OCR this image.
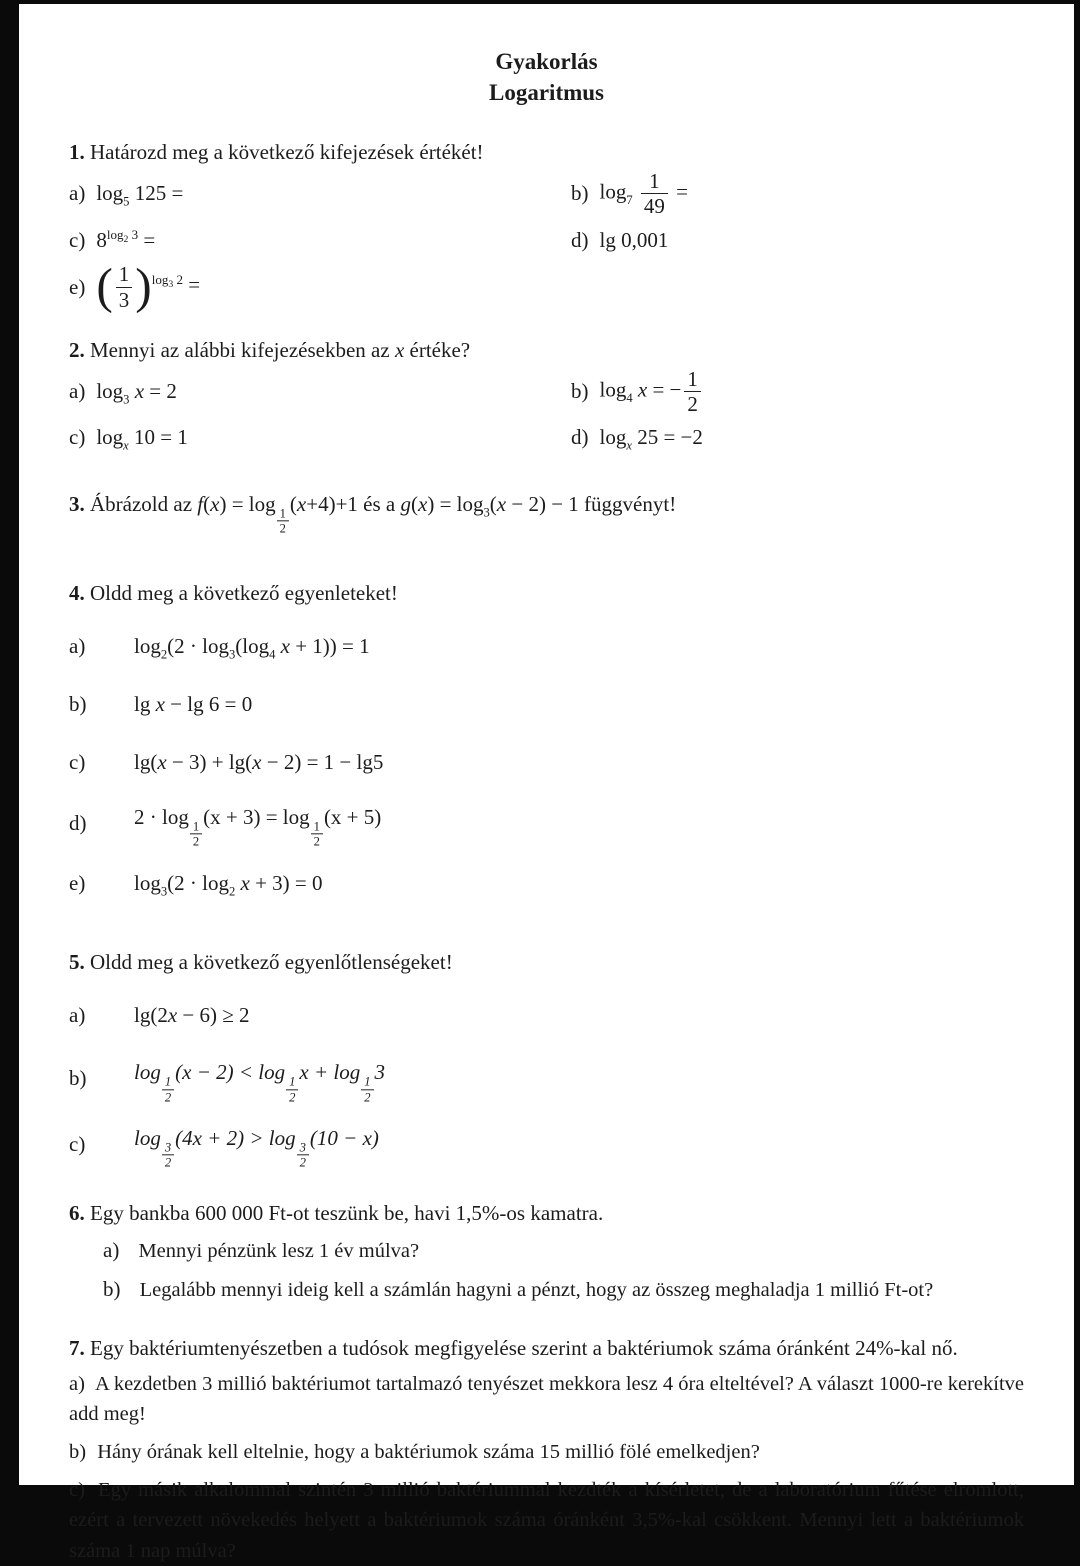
Gyakorlás
Logaritmus
1. Határozd meg a következő kifejezések értékét!
a) $\log_5 125$ =	b) $\log_7 \frac{1}{49}$ =
c) $8^{log_2 3}$ =	d) lg 0,001
e) ( $\frac{1}{3} )^{log_3 2}$ =
2. Mennyi az alábbi kifejezésekben az x értéke?
a) $\log_3 x = 2$	b) $\log_4 x$ = − $\frac{1}{2}$
c) $\log_x 10 = 1$	d) $\log_x 25 = -2$
3. Ábrázold az f(x) = log
$_{\frac{1}{2}}$
(x+4)+1 és a $g(x) = \log_3(x - 2) - 1$ függvényt!
4. Oldd meg a következő egyenleteket!
a)	$\log_2(2 \cdot \log_3(\log_4$ x + 1)) = 1
b)	lg x − lg 6 = 0
c)	lg(x − 3) + lg(x − 2) = 1 − lg5
d)	2 · log
$_{\frac{1}{2}}$
(x + 3) = log
$_{\frac{1}{2}}$
(x + 5)
e)	$\log_3(2 \cdot \log_2 x + 3) = 0$
5. Oldd meg a következő egyenlőtlenségeket!
a)	lg(2x − 6) ≥ 2
b)	log
$_{\frac{1}{2}}$
(x − 2) < log
$_{\frac{1}{2}}$
x + log
$_{\frac{1}{2}}$
3
c)	log
$_{\frac{3}{2}}$
(4x + 2) > log
$_{\frac{3}{2}}$
(10 − x)
6. Egy bankba 600 000 Ft-ot teszünk be, havi 1,5%-os kamatra.
a) Mennyi pénzünk lesz 1 év múlva?
b) Legalább mennyi ideig kell a számlán hagyni a pénzt, hogy az összeg meghaladja 1 millió Ft-ot?
7. Egy baktériumtenyészetben a tudósok megfigyelése szerint a baktériumok száma óránként 24%-kal nő.

a) A kezdetben 3 millió baktériumot tartalmazó tenyészet mekkora lesz 4 óra elteltével? A választ 1000-re kerekítve add meg!

b) Hány órának kell eltelnie, hogy a baktériumok száma 15 millió fölé emelkedjen?

c) Egy másik alkalommal szintén 3 millió baktériummal kezdték a kísérletet, de a laboratórium fűtése elromlott, ezért a tervezett növekedés helyett a baktériumok száma óránként 3,5%-kal csökkent. Mennyi lett a baktériumok száma 1 nap múlva?
